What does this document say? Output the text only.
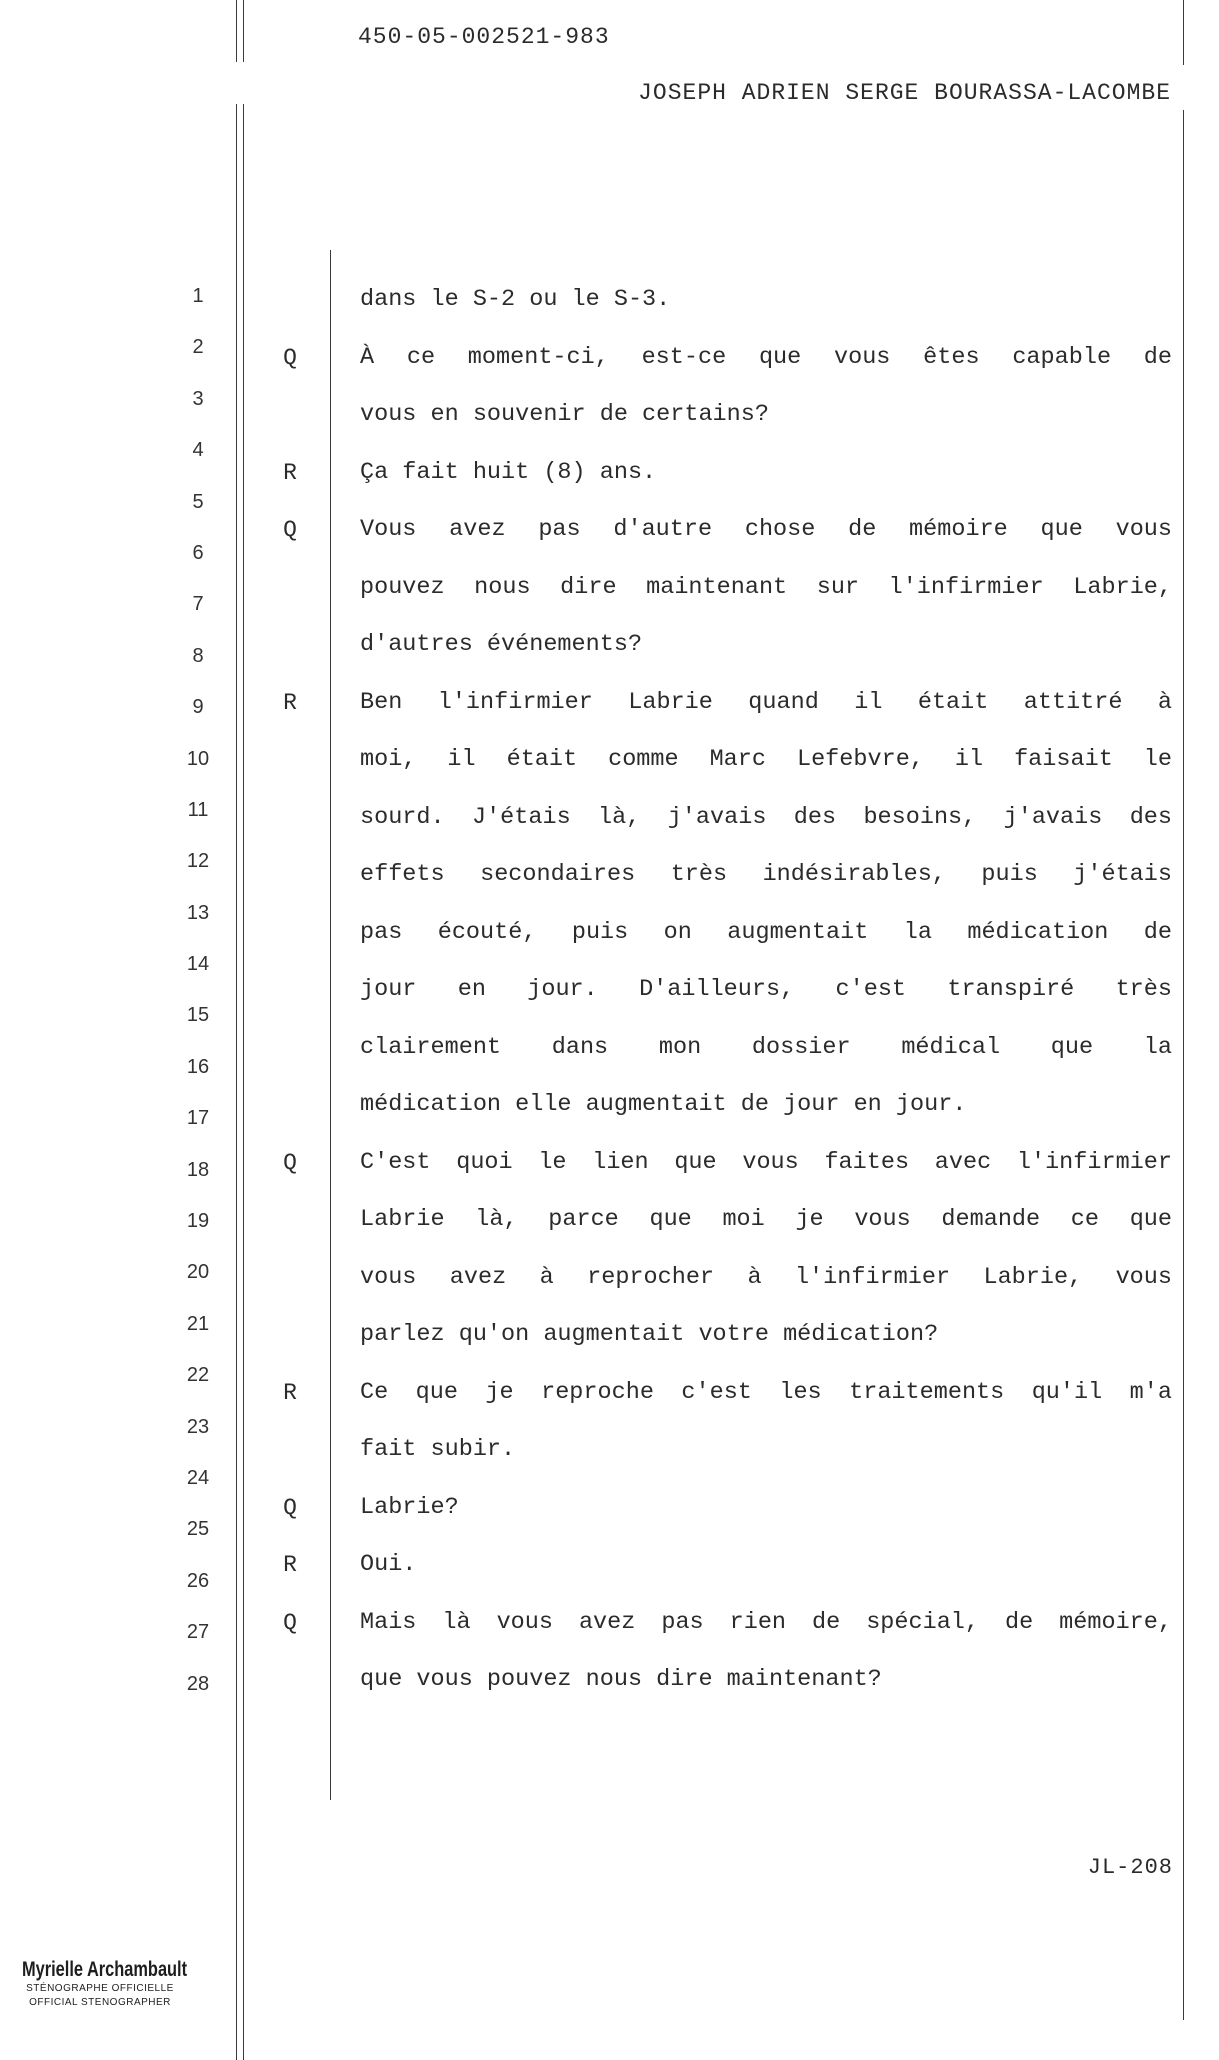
450-05-002521-983
JOSEPH ADRIEN SERGE BOURASSA-LACOMBE
1
2
3
4
5
6
7
8
9
10
11
12
13
14
15
16
17
18
19
20
21
22
23
24
25
26
27
28
Q
R
Q
R
Q
R
Q
R
Q
dans le S-2 ou le S-3.
À ce moment-ci, est-ce que vous êtes capable de
vous en souvenir de certains?
Ça fait huit (8) ans.
Vous avez pas d'autre chose de mémoire que vous
pouvez nous dire maintenant sur l'infirmier Labrie,
d'autres événements?
Ben l'infirmier Labrie quand il était attitré à
moi, il était comme Marc Lefebvre, il faisait le
sourd. J'étais là, j'avais des besoins, j'avais des
effets secondaires très indésirables, puis j'étais
pas écouté, puis on augmentait la médication de
jour en jour. D'ailleurs, c'est transpiré très
clairement dans mon dossier médical que la
médication elle augmentait de jour en jour.
C'est quoi le lien que vous faites avec l'infirmier
Labrie là, parce que moi je vous demande ce que
vous avez à reprocher à l'infirmier Labrie, vous
parlez qu'on augmentait votre médication?
Ce que je reproche c'est les traitements qu'il m'a
fait subir.
Labrie?
Oui.
Mais là vous avez pas rien de spécial, de mémoire,
que vous pouvez nous dire maintenant?
JL-208
Myrielle Archambault
STÉNOGRAPHE OFFICIELLE
OFFICIAL STENOGRAPHER
